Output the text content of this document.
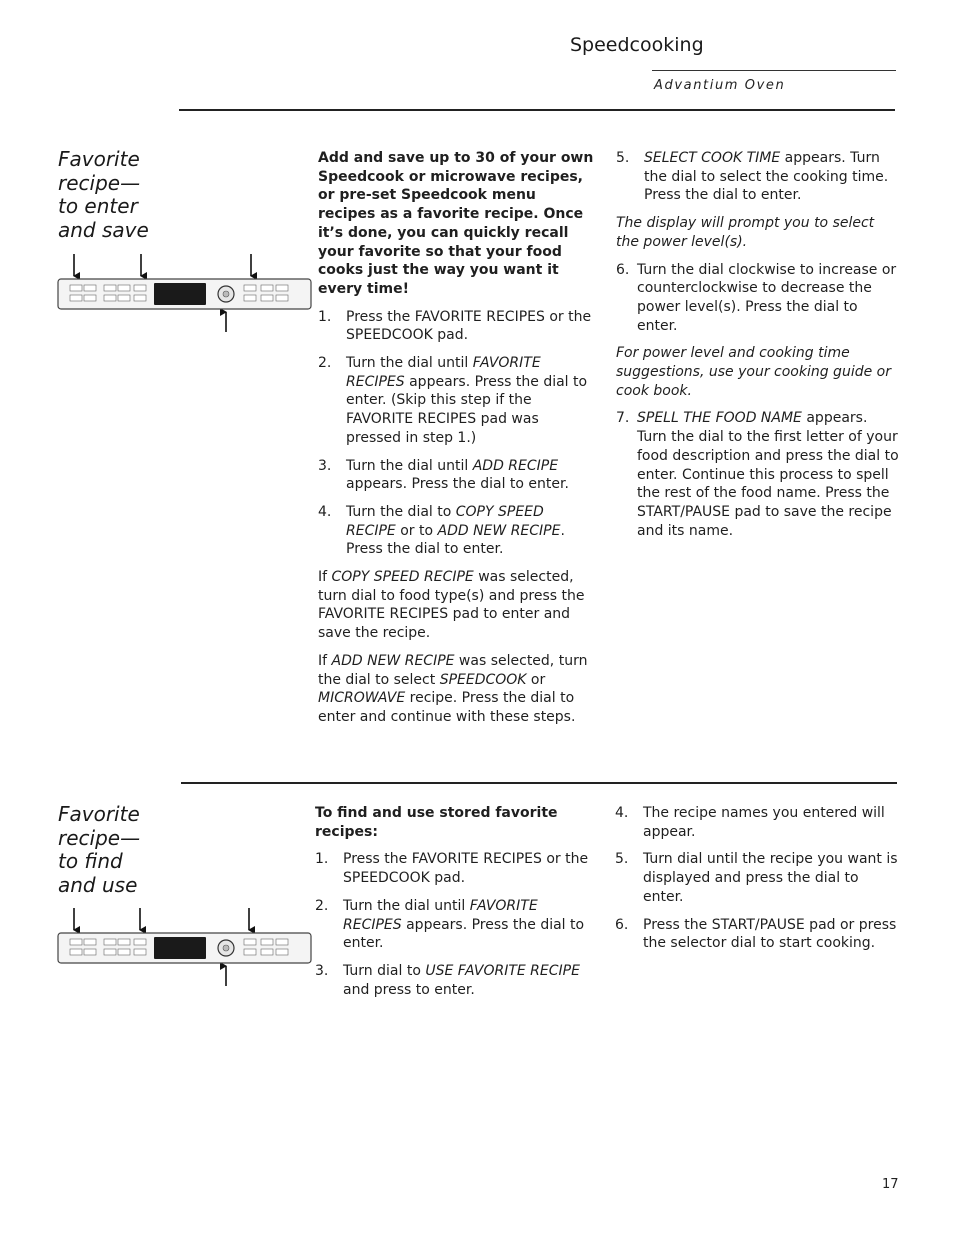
Speedcooking
Advantium Oven
Favorite
recipe—
to enter
and save

Add and save up to 30 of your own Speedcook or microwave recipes, or pre-set Speedcook menu recipes as a favorite recipe. Once it’s done, you can quickly recall your favorite so that your food cooks just the way you want it every time!

1.	Press the FAVORITE RECIPES or the SPEEDCOOK pad.
2.	Turn the dial until FAVORITE RECIPES appears. Press the dial to enter. (Skip this step if the FAVORITE RECIPES pad was pressed in step 1.)
3.	Turn the dial until ADD RECIPE appears. Press the dial to enter.
4.	Turn the dial to COPY SPEED RECIPE or to ADD NEW RECIPE. Press the dial to enter.

If COPY SPEED RECIPE was selected, turn dial to food type(s) and press the FAVORITE RECIPES pad to enter and save the recipe.

If ADD NEW RECIPE was selected, turn the dial to select SPEEDCOOK or MICROWAVE recipe. Press the dial to enter and continue with these steps.

5.	SELECT COOK TIME appears. Turn the dial to select the cooking time. Press the dial to enter.

The display will prompt you to select the power level(s).

6. Turn the dial clockwise to increase or counterclockwise to decrease the power level(s). Press the dial to enter.

For power level and cooking time suggestions, use your cooking guide or cook book.

7. SPELL THE FOOD NAME appears. Turn the dial to the first letter of your food description and press the dial to enter. Continue this process to spell the rest of the food name. Press the START/PAUSE pad to save the recipe and its name.
Favorite
recipe—
to find
and use

To find and use stored favorite recipes:

1.	Press the FAVORITE RECIPES or the SPEEDCOOK pad.
2.	Turn the dial until FAVORITE RECIPES appears. Press the dial to enter.
3.	Turn dial to USE FAVORITE RECIPE and press to enter.
4.	The recipe names you entered will appear.
5.	Turn dial until the recipe you want is displayed and press the dial to enter.
6.	Press the START/PAUSE pad or press the selector dial to start cooking.
17
